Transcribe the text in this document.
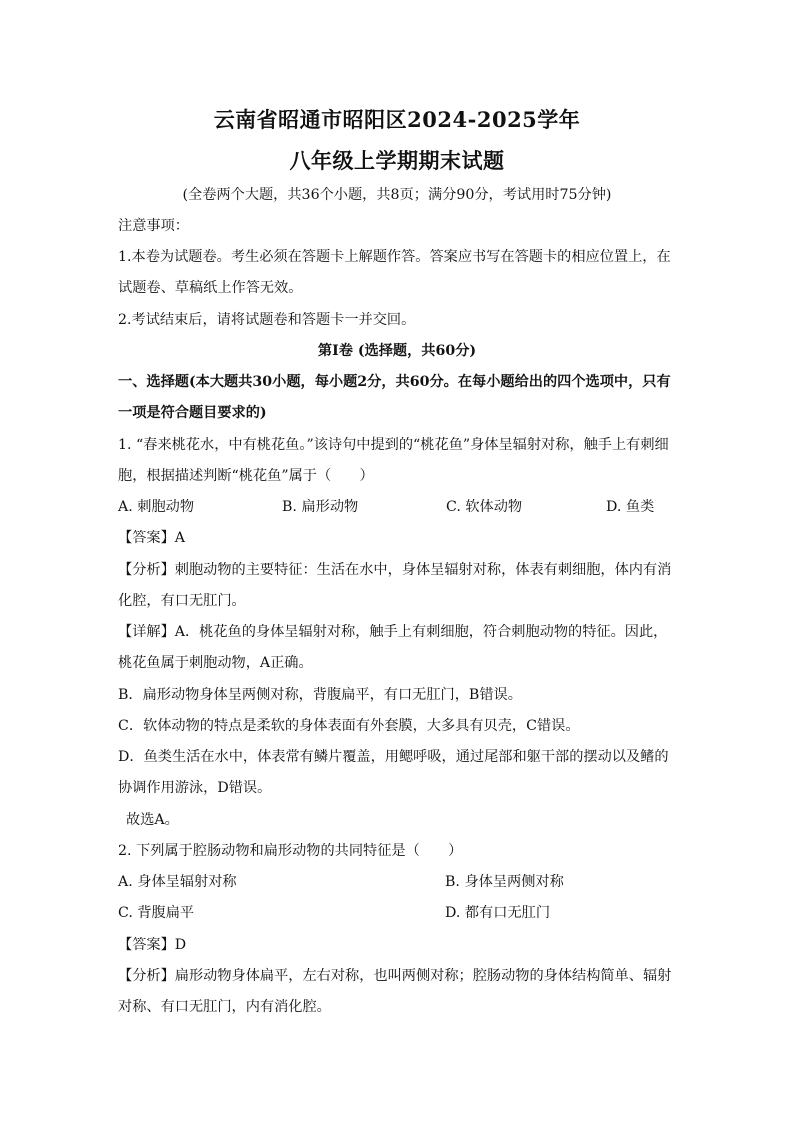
云南省昭通市昭阳区2024-2025学年
八年级上学期期末试题
(全卷两个大题，共36个小题，共8页；满分90分，考试用时75分钟)
注意事项：
1.本卷为试题卷。考生必须在答题卡上解题作答。答案应书写在答题卡的相应位置上，在
试题卷、草稿纸上作答无效。
2.考试结束后，请将试题卷和答题卡一并交回。
第Ⅰ卷 (选择题，共60分)
一、选择题(本大题共30小题，每小题2分，共60分。在每小题给出的四个选项中，只有
一项是符合题目要求的)
1. “春来桃花水，中有桃花鱼。”该诗句中提到的“桃花鱼”身体呈辐射对称，触手上有刺细
胞，根据描述判断“桃花鱼”属于（　　）
A. 刺胞动物	B. 扁形动物	C. 软体动物	D. 鱼类
【答案】A
【分析】刺胞动物的主要特征：生活在水中，身体呈辐射对称，体表有刺细胞，体内有消
化腔，有口无肛门。
【详解】A．桃花鱼的身体呈辐射对称，触手上有刺细胞，符合刺胞动物的特征。因此，
桃花鱼属于刺胞动物，A正确。
B．扁形动物身体呈两侧对称，背腹扁平，有口无肛门，B错误。
C．软体动物的特点是柔软的身体表面有外套膜，大多具有贝壳，C错误。
D．鱼类生活在水中，体表常有鳞片覆盖，用鳃呼吸，通过尾部和躯干部的摆动以及鳍的
协调作用游泳，D错误。
故选A。
2. 下列属于腔肠动物和扁形动物的共同特征是（　　）
A. 身体呈辐射对称	B. 身体呈两侧对称
C. 背腹扁平	D. 都有口无肛门
【答案】D
【分析】扁形动物身体扁平，左右对称，也叫两侧对称；腔肠动物的身体结构简单、辐射
对称、有口无肛门，内有消化腔。
